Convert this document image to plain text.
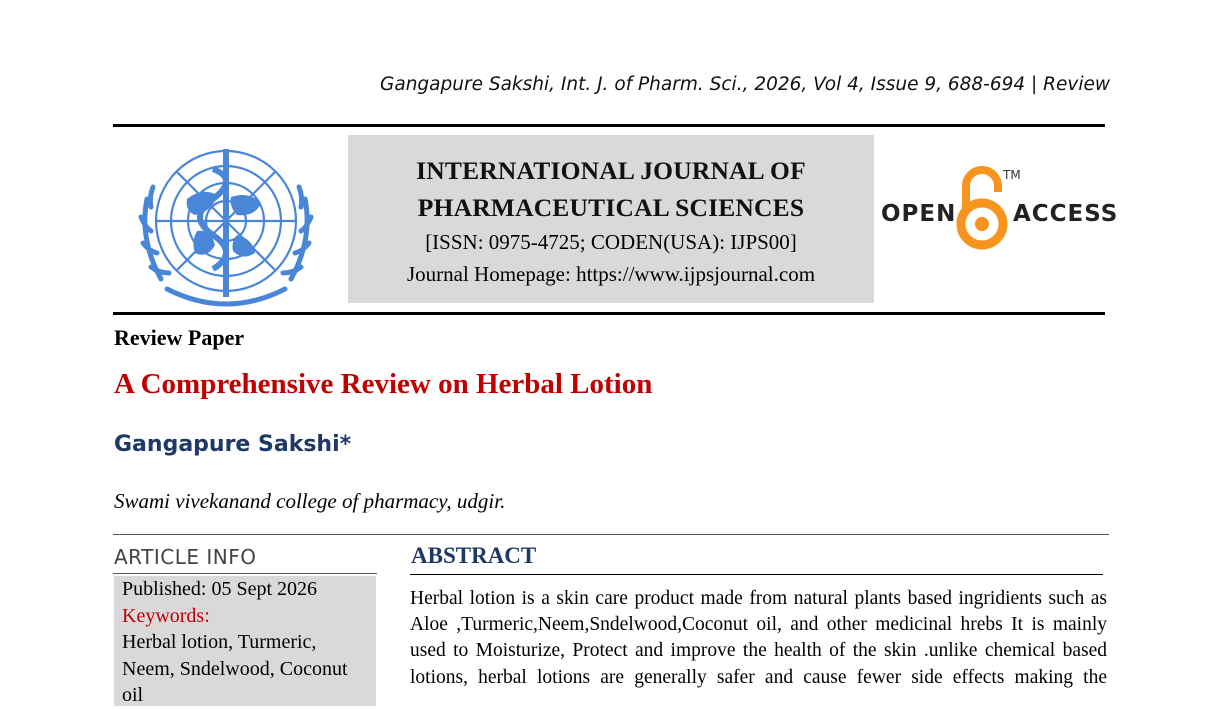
Gangapure Sakshi, Int. J. of Pharm. Sci., 2026, Vol 4, Issue 9, 688-694 | Review
INTERNATIONAL JOURNAL OF
PHARMACEUTICAL SCIENCES
[ISSN: 0975-4725; CODEN(USA): IJPS00]
Journal Homepage: https://www.ijpsjournal.com
OPEN ACCESS
TM
Review Paper
A Comprehensive Review on Herbal Lotion
Gangapure Sakshi*
Swami vivekanand college of pharmacy, udgir.
ARTICLE INFO
Published: 05 Sept 2026
Keywords:
Herbal lotion, Turmeric, Neem, Sndelwood, Coconut oil
ABSTRACT
Herbal lotion is a skin care product made from natural plants based ingridients such as Aloe ,Turmeric,Neem,Sndelwood,Coconut oil, and other medicinal hrebs It is mainly used to Moisturize, Protect and improve the health of the skin .unlike chemical based lotions, herbal lotions are generally safer and cause fewer side effects making the
